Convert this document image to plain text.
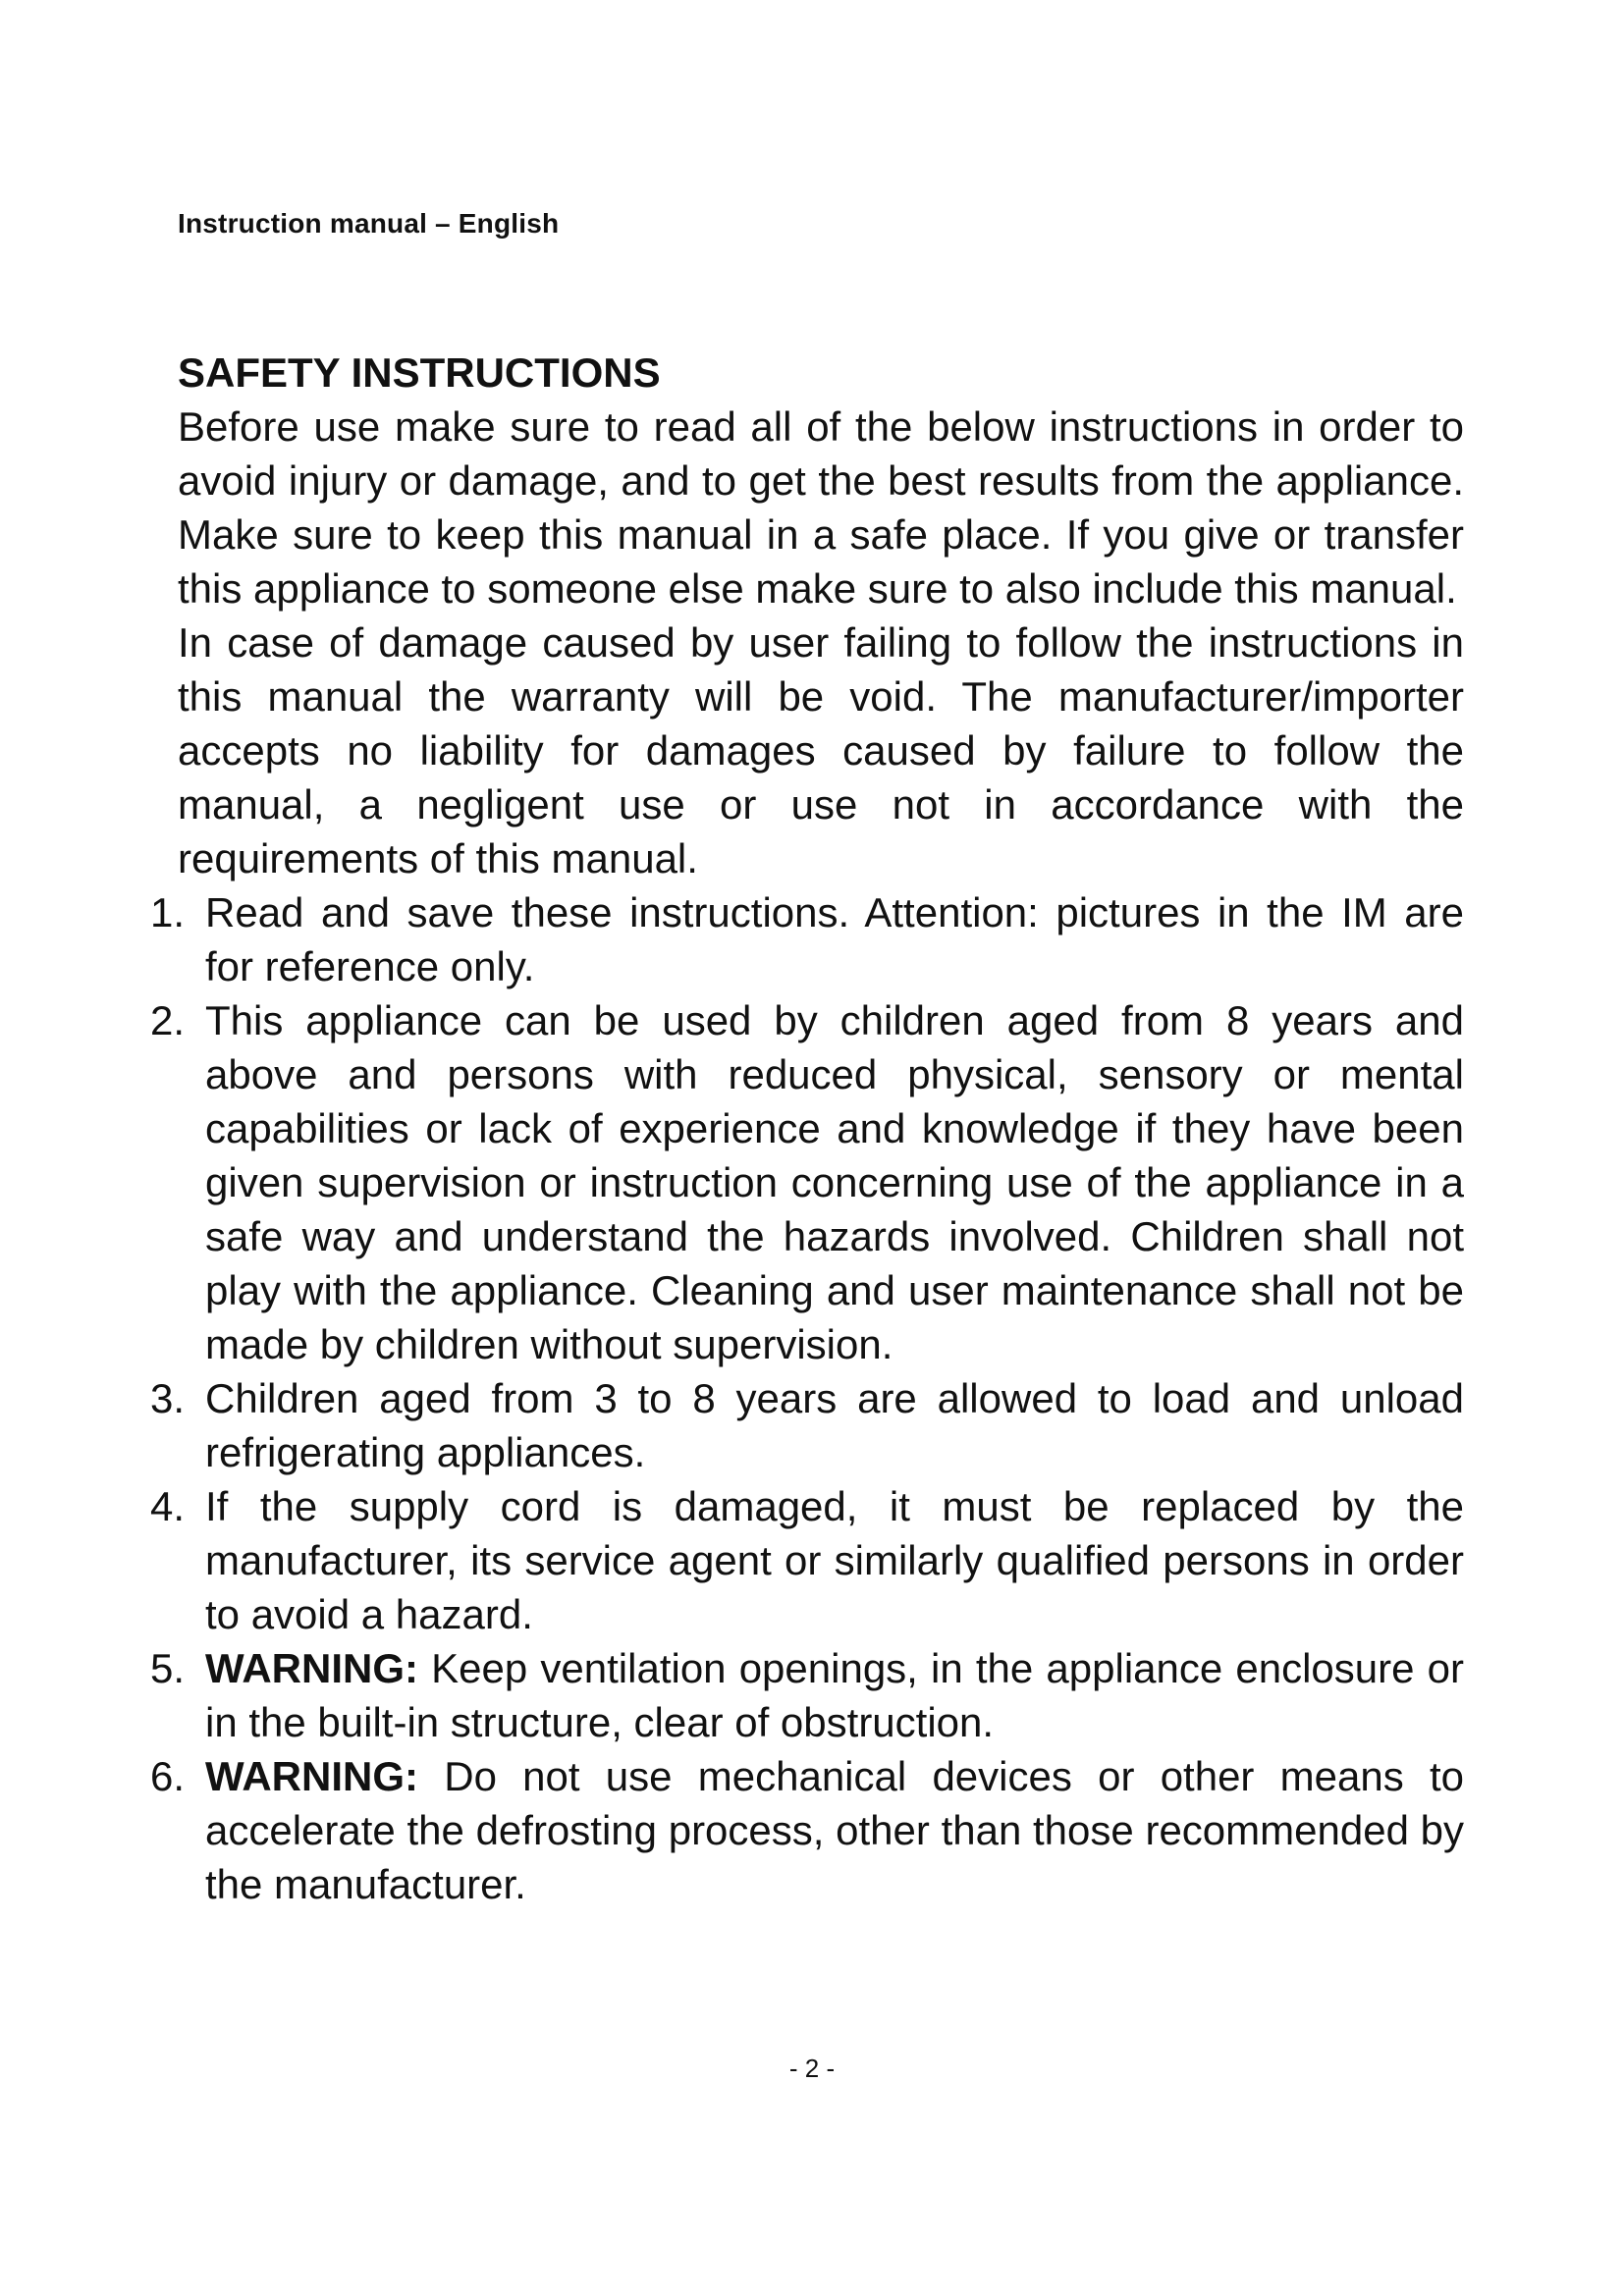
Instruction manual – English
SAFETY INSTRUCTIONS

Before use make sure to read all of the below instructions in order to avoid injury or damage, and to get the best results from the appliance. Make sure to keep this manual in a safe place. If you give or transfer this appliance to someone else make sure to also include this manual.

In case of damage caused by user failing to follow the instructions in this manual the warranty will be void. The manufacturer/importer accepts no liability for damages caused by failure to follow the manual, a negligent use or use not in accordance with the requirements of this manual.

1. Read and save these instructions. Attention: pictures in the IM are for reference only.
2. This appliance can be used by children aged from 8 years and above and persons with reduced physical, sensory or mental capabilities or lack of experience and knowledge if they have been given supervision or instruction concerning use of the appliance in a safe way and understand the hazards involved. Children shall not play with the appliance. Cleaning and user maintenance shall not be made by children without supervision.
3. Children aged from 3 to 8 years are allowed to load and unload refrigerating appliances.
4. If the supply cord is damaged, it must be replaced by the manufacturer, its service agent or similarly qualified persons in order to avoid a hazard.
5. WARNING: Keep ventilation openings, in the appliance enclosure or in the built-in structure, clear of obstruction.
6. WARNING: Do not use mechanical devices or other means to accelerate the defrosting process, other than those recommended by the manufacturer.
- 2 -
